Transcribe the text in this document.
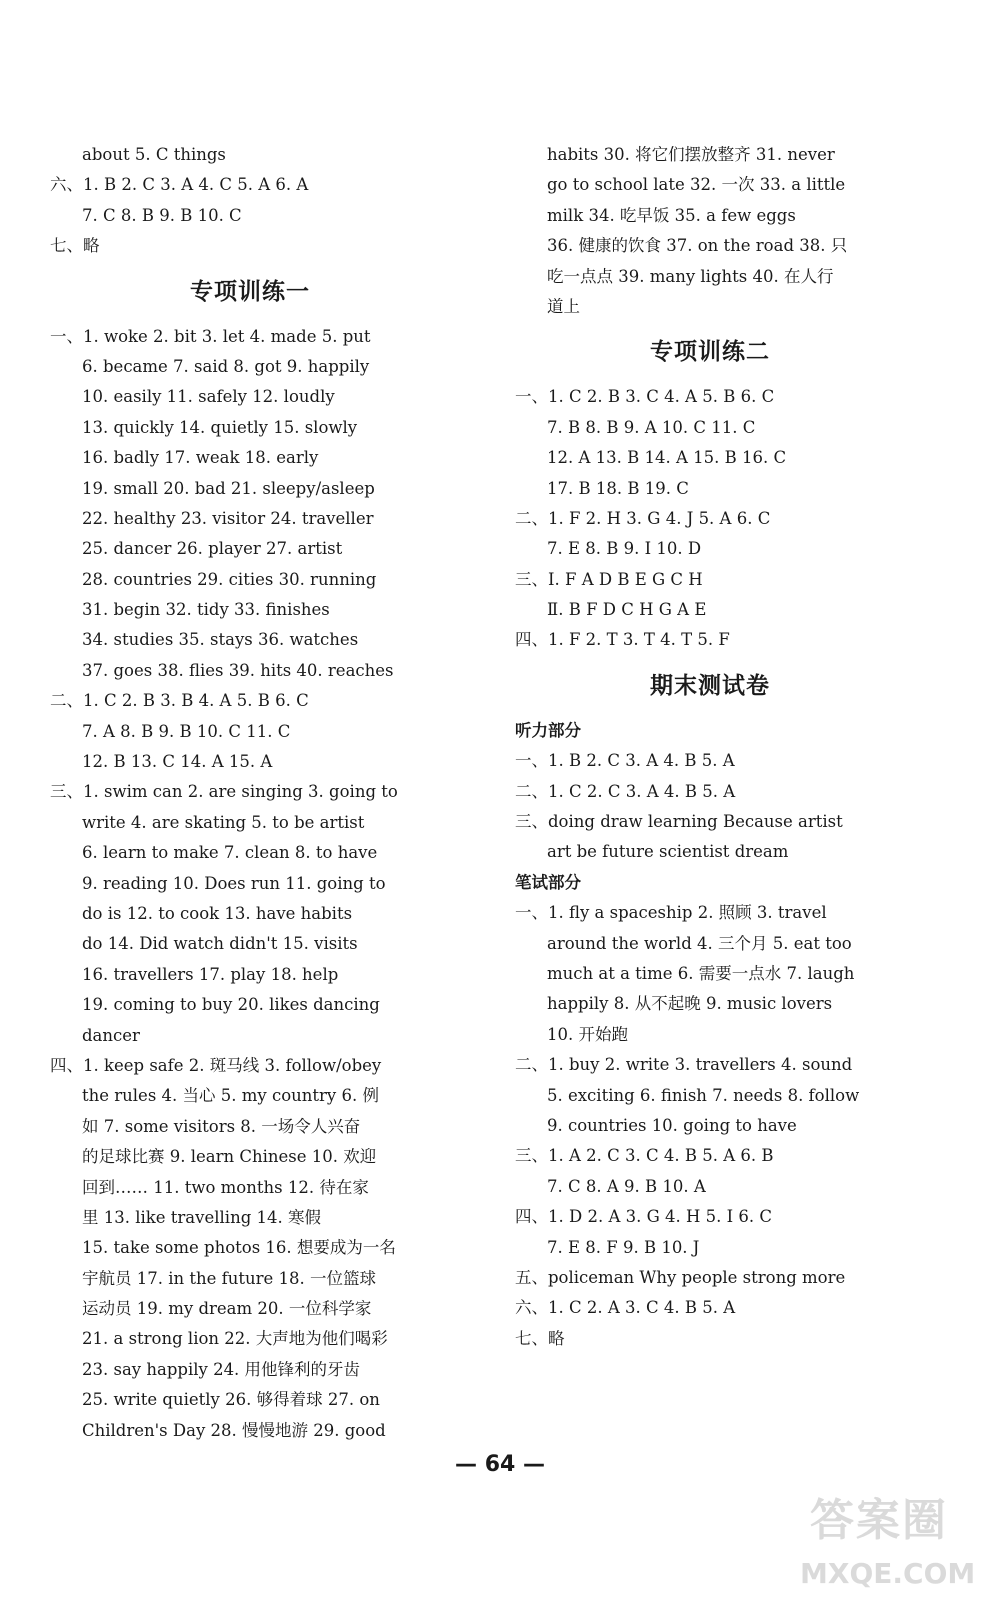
about 5. C things
六、1. B 2. C 3. A 4. C 5. A 6. A
7. C 8. B 9. B 10. C
七、略
专项训练一
一、1. woke 2. bit 3. let 4. made 5. put
6. became 7. said 8. got 9. happily
10. easily 11. safely 12. loudly
13. quickly 14. quietly 15. slowly
16. badly 17. weak 18. early
19. small 20. bad 21. sleepy/asleep
22. healthy 23. visitor 24. traveller
25. dancer 26. player 27. artist
28. countries 29. cities 30. running
31. begin 32. tidy 33. finishes
34. studies 35. stays 36. watches
37. goes 38. flies 39. hits 40. reaches
二、1. C 2. B 3. B 4. A 5. B 6. C
7. A 8. B 9. B 10. C 11. C
12. B 13. C 14. A 15. A
三、1. swim can 2. are singing 3. going to
write 4. are skating 5. to be artist
6. learn to make 7. clean 8. to have
9. reading 10. Does run 11. going to
do is 12. to cook 13. have habits
do 14. Did watch didn't 15. visits
16. travellers 17. play 18. help
19. coming to buy 20. likes dancing
dancer
四、1. keep safe 2. 斑马线 3. follow/obey
the rules 4. 当心 5. my country 6. 例
如 7. some visitors 8. 一场令人兴奋
的足球比赛 9. learn Chinese 10. 欢迎
回到…… 11. two months 12. 待在家
里 13. like travelling 14. 寒假
15. take some photos 16. 想要成为一名
宇航员 17. in the future 18. 一位篮球
运动员 19. my dream 20. 一位科学家
21. a strong lion 22. 大声地为他们喝彩
23. say happily 24. 用他锋利的牙齿
25. write quietly 26. 够得着球 27. on
Children's Day 28. 慢慢地游 29. good
habits 30. 将它们摆放整齐 31. never
go to school late 32. 一次 33. a little
milk 34. 吃早饭 35. a few eggs
36. 健康的饮食 37. on the road 38. 只
吃一点点 39. many lights 40. 在人行
道上
专项训练二
一、1. C 2. B 3. C 4. A 5. B 6. C
7. B 8. B 9. A 10. C 11. C
12. A 13. B 14. A 15. B 16. C
17. B 18. B 19. C
二、1. F 2. H 3. G 4. J 5. A 6. C
7. E 8. B 9. I 10. D
三、Ⅰ. F A D B E G C H
Ⅱ. B F D C H G A E
四、1. F 2. T 3. T 4. T 5. F
期末测试卷
听力部分
一、1. B 2. C 3. A 4. B 5. A
二、1. C 2. C 3. A 4. B 5. A
三、doing draw learning Because artist
art be future scientist dream
笔试部分
一、1. fly a spaceship 2. 照顾 3. travel
around the world 4. 三个月 5. eat too
much at a time 6. 需要一点水 7. laugh
happily 8. 从不起晚 9. music lovers
10. 开始跑
二、1. buy 2. write 3. travellers 4. sound
5. exciting 6. finish 7. needs 8. follow
9. countries 10. going to have
三、1. A 2. C 3. C 4. B 5. A 6. B
7. C 8. A 9. B 10. A
四、1. D 2. A 3. G 4. H 5. I 6. C
7. E 8. F 9. B 10. J
五、policeman Why people strong more
六、1. C 2. A 3. C 4. B 5. A
七、略
— 64 —
答案圈
MXQE.COM
